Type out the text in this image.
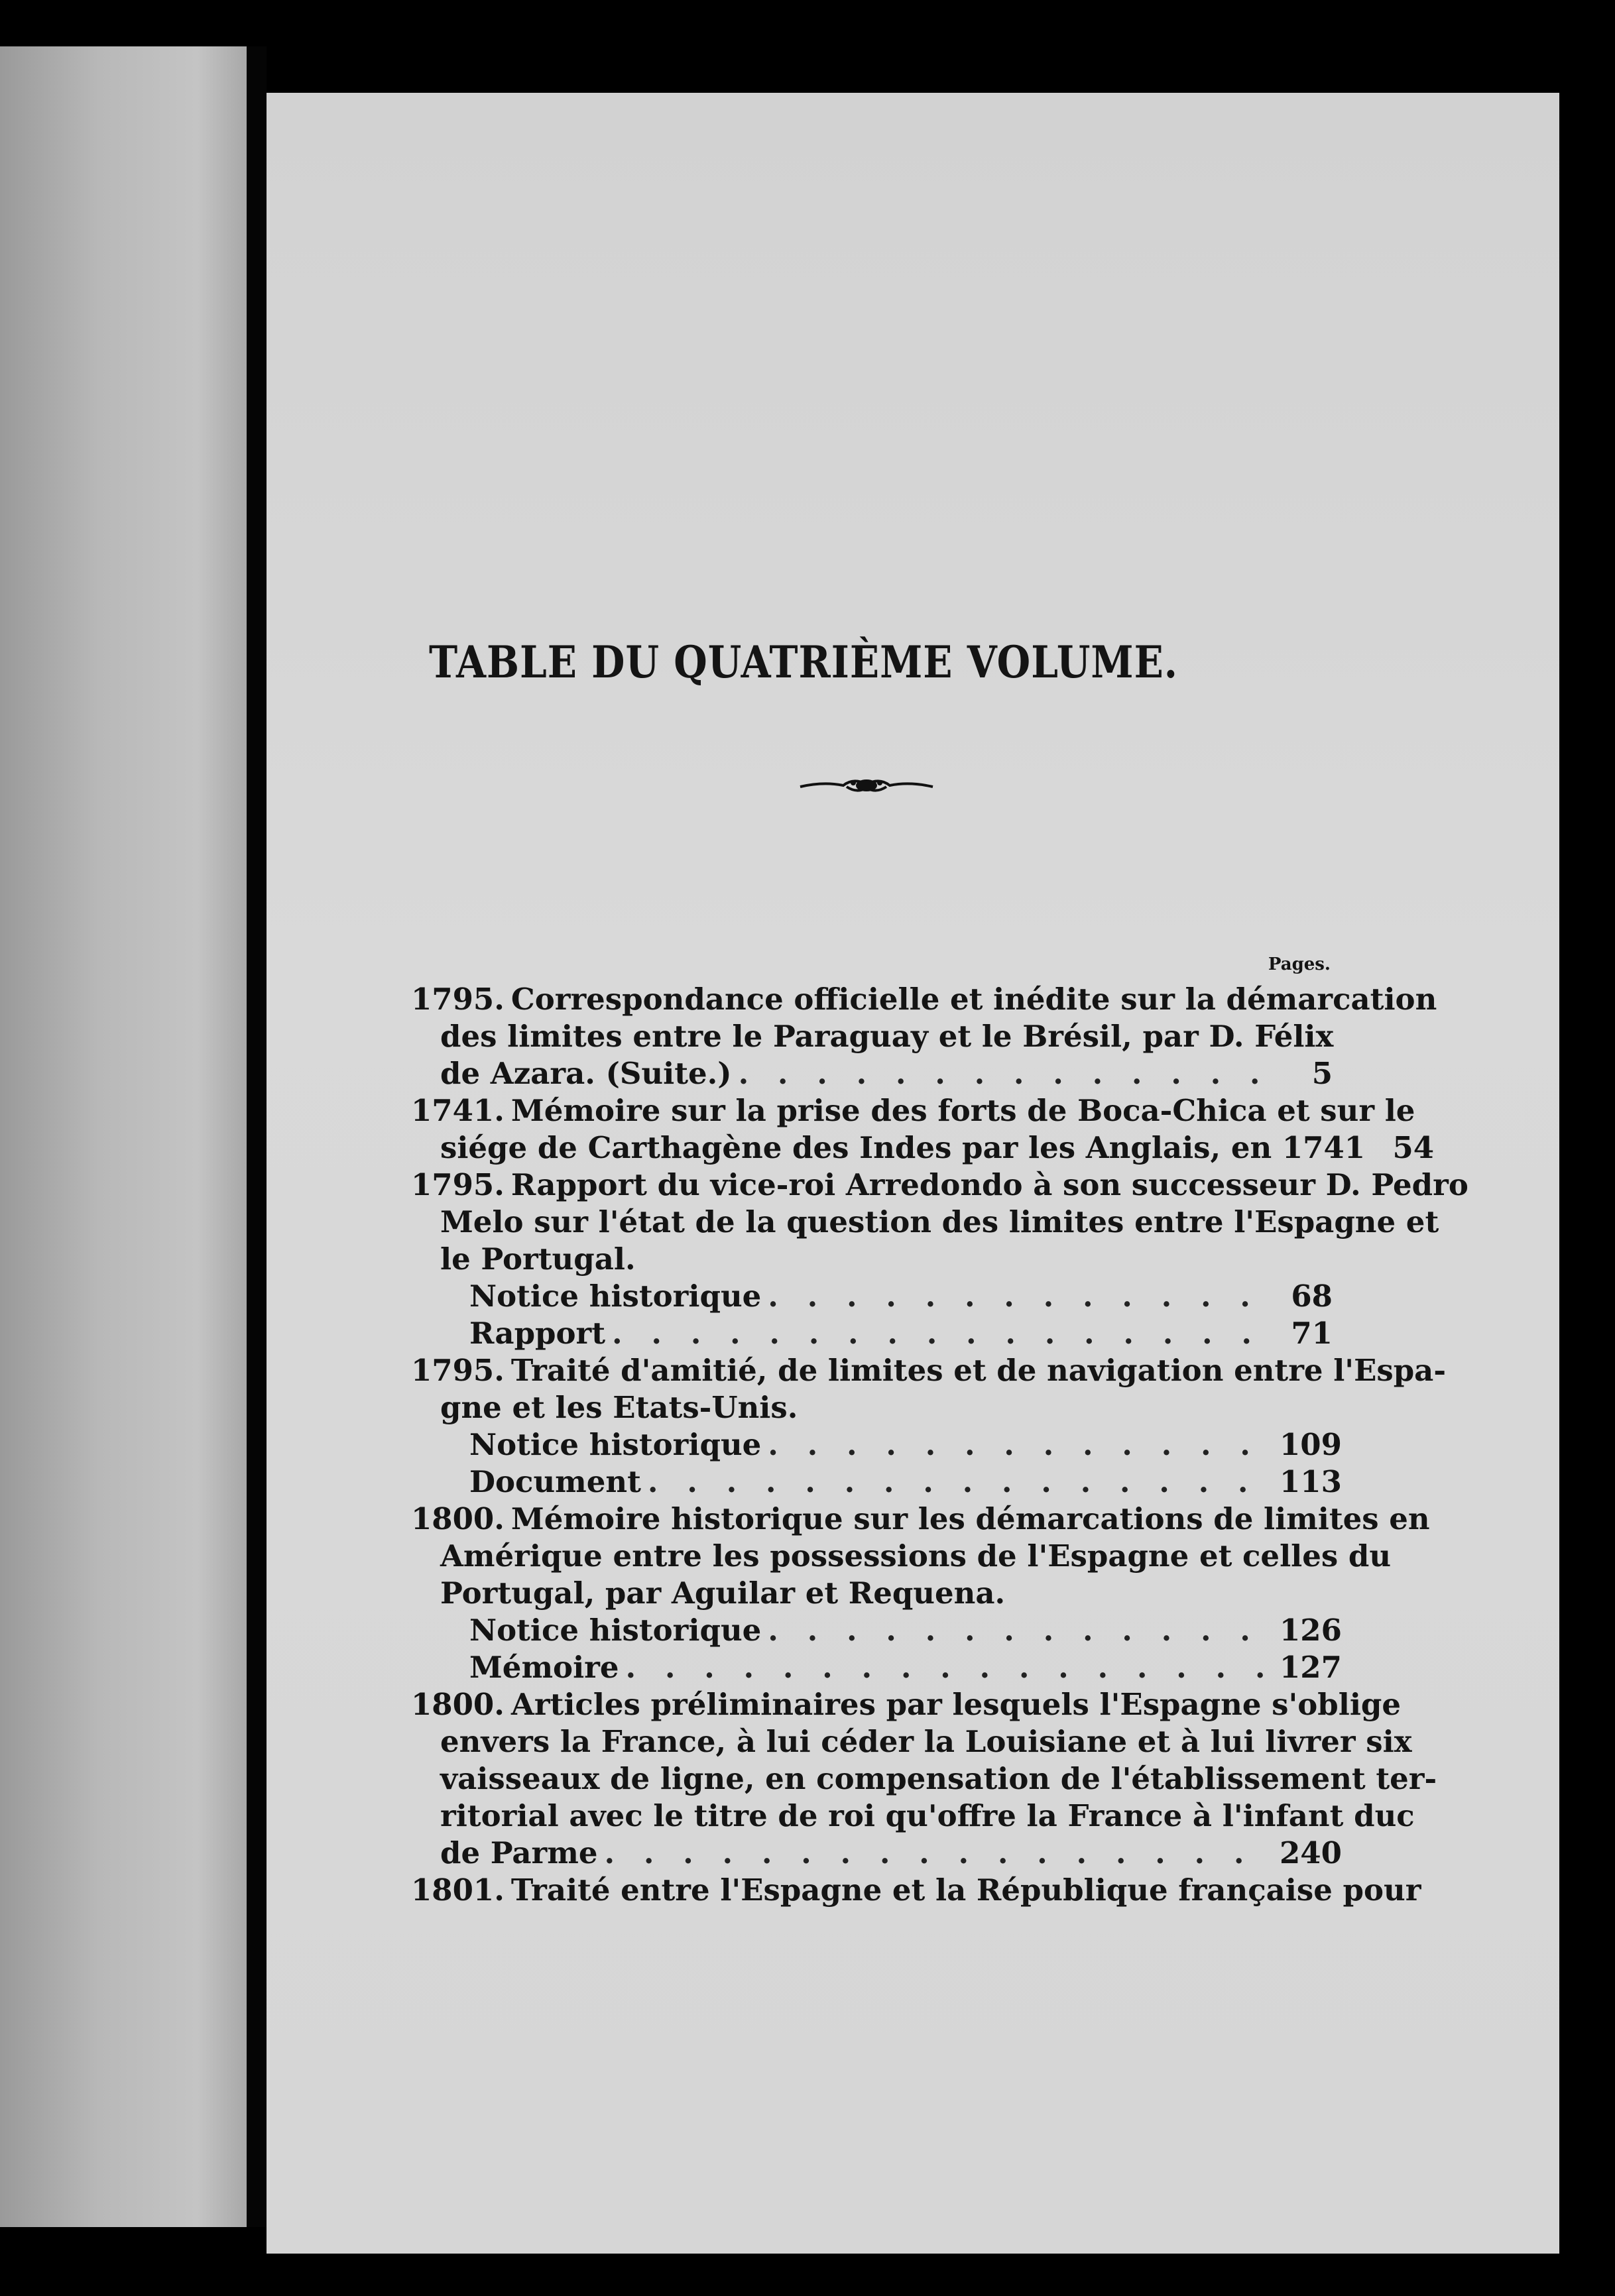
TABLE DU QUATRIÈME VOLUME.
Pages.
1795. Correspondance officielle et inédite sur la démarcation
des limites entre le Paraguay et le Brésil, par D. Félix
de Azara. (Suite.) . . .	5
1741. Mémoire sur la prise des forts de Boca-Chica et sur le
siége de Carthagène des Indes par les Anglais, en 1741 54
1795. Rapport du vice-roi Arredondo à son successeur D. Pedro
Melo sur l'état de la question des limites entre l'Espagne et
le Portugal.
Notice historique . . .	68
Rapport . . .	71
1795. Traité d'amitié, de limites et de navigation entre l'Espa-
gne et les Etats-Unis.
Notice historique . . .	109
Document . . .	113
1800. Mémoire historique sur les démarcations de limites en
Amérique entre les possessions de l'Espagne et celles du
Portugal, par Aguilar et Requena.
Notice historique . . .	126
Mémoire . . .	127
1800. Articles préliminaires par lesquels l'Espagne s'oblige
envers la France, à lui céder la Louisiane et à lui livrer six
vaisseaux de ligne, en compensation de l'établissement ter-
ritorial avec le titre de roi qu'offre la France à l'infant duc
de Parme . . .	240
1801. Traité entre l'Espagne et la République française pour
